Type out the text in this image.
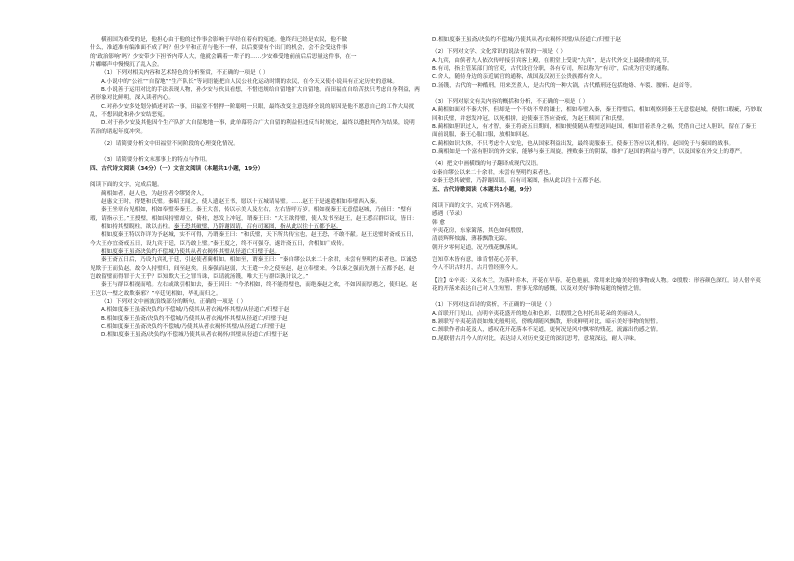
横祖国为难受的是，他担心由于他的过作事会影响于早经在着有的冤迹。他终归已经是农民，他不做

什么，准道准有编准面不成了吗？但少平和正青与他不一样，以后要要有个出门的机会，会不会受这件事

的‘政治影响’吗？少安带少下担爷内带人大，他就会瞒着一辈子的……少安难受地前前后后思量这件事，在一

片嘟嘟声中慢慢沉了乱入会。

（1）下列对相关内容和艺术特色的分析鉴赏，不正确的一项是（ ）

A.小说中的“公社”“自留地”“生产队长”等词语能把自人民公社化运动时期的农民，在今天又使小说具有正定历史的意味。

B.小说善于运用对比的手法表现人物，孙少安与伙员看想，不惜违规给自留地扩大自留地，而田福直自给苦扶只考虑自身利益，两者形象对比鲜明，深入读者内心。

C.对孙少安多处划分描述对话一事，田福堂不惜押一阶聪明一只眼，最终改变主意选择全说的原因是他不愿意自己的工作大局扰乱，不想因此和孙少安结恶冤。

D.对于孙少安及其他因个生产队扩大自留地地一事，此单幕符合广大自留的利益但违反当时规定，最终以遭批判作为结果，说明苦治的诸起年度冲突。

（2）请简要分析文中田福堂不同阶段的心理变化情况。

（3）请简要分析文末那事上的特点与作用。

四、古代诗文阅读（34分）（一）文言文阅读（本题共1小题，19分）

阅读下面的文字，完成后题。

蔺相如者，赵人也，为赵宦者令缪贤舍人。

赵惠文王时，得楚和氏璧。秦昭王闻之，使人遗赵王书，愿以十五城请易璧。……赵王于是遂遣相如奉璧西入秦。

秦王坐章台见相如，相如奉璧奏秦王。秦王大喜，传以示美人及左右，左右皆呼万岁。相如视秦王无意偿赵城，乃前曰：“璧有瑕，请指示王。”王授璧，相如因持璧却立，倚柱，怒发上冲冠，谓秦王曰：“大王欲得璧，使人发书至赵王，赵王悉召群臣议，皆曰：

相如持其璧睨柱，欲以击柱。秦王恐其破璧，乃辞谢固请，召有司案图，指从此以往十五都予赵。

相如度秦王特以诈详为予赵城，实不可得，乃谓秦王曰：“和氏璧，天下所共传宝也，赵王恐，不敢不献。赵王送璧时斋戒五日，今大王亦宜斋戒五日，设九宾于廷，臣乃敢上璧。”秦王度之，终不可强夺，遂许斋五日，舍相如广成传。

相如度秦王虽斋决负约不偿城乃使其从者衣褐怀其璧从径道亡归璧于赵。

秦王斋五日后，乃设九宾礼于廷，引赵使者蔺相如。相如至，谓秦王曰：“秦自缪公以来二十余君，未尝有坚明约束者也。臣诚恐见欺于王而负赵，故令人持璧归，间至赵矣。且秦强而赵弱，大王遣一介之使至赵，赵立奉璧来。今以秦之强而先割十五都予赵，赵岂敢留璧而得罪于大王乎？臣知欺大王之罪当诛，臣请就汤镬，唯大王与群臣孰计议之。”

秦王与群臣相视而嘻。左右或欲引相如去，秦王因曰：“今杀相如，终不能得璧也，而绝秦赵之欢，不如因而厚遇之，使归赵，赵王岂以一璧之故欺秦邪？”卒廷见相如，毕礼而归之。

（1）下列对文中画波浪线部分的断句，正确的一项是（ ）

A.相如度秦王虽斋决负约/不偿城/乃使其从者衣褐/怀其璧/从径道亡/归璧于赵

B.相如度秦王虽斋/决负约不偿城/乃使其从者衣褐/怀其璧从径道亡/归璧于赵

C.相如度秦王虽斋决负约不偿城/乃使其从者衣褐怀其璧/从径道亡/归璧于赵

D.相如度秦王虽斋/决负约/不偿城乃使其从者衣褐怀/其璧从径道亡/归璧于赵

D.相如度秦王虽斋/决负约不偿城/乃使其从者/衣褐怀其璧/从径道亡/归璧于赵

（2）下列对文学、文化常识的说法有误的一项是（ ）

A.九宾，由傧者九人依次传呼接引宾客上殿，在朝堂上受说“九宾”，是古代外交上最隆重的礼节。

B.有司，指主管某部门的官吏，古代设官分职，各有专司，所以称为“有司”，后成为官吏的通称。

C.舍人，随侍身边的亲近属官的通称，战国及汉初王公贵族都有舍人。

D.汤镬，古代的一种酷刑，用来烹煮人，是古代的一种大锅，古代酷刑还包括炮烙、车裂、腰斩、赵首等。

（3）下列对原文有关内容的概括和分析，不正确的一项是（ ）

A.蔺相如面对不秦大怀，但却是一个不妨不卑的谦士，相如奉璧入秦，秦王得璧后，相如观察到秦王无意偿赵城，便借口瑕疵，巧妙取回和氏璧，并怒发冲冠，以死相拼，迫使秦王答应斋戒，为赵王赎回了和氏璧。

B.蔺相如胆识过人，有才智，秦王将斋五日期间，相如便使随从将璧送回赵国，相如冒着杀身之祸，凭借自己过人胆识，留在了秦王面前说服，秦王心服口服，放相如回赵。

C.蔺相如识大体，不只考虑个人安危，也从国家利益出发，最终说服秦王，使秦王答应以礼相待，赵国免于与秦国的战事。

D.蔺相如是一个富有胆识的外交家，能够与秦王周旋，挫败秦王的阴谋，维护了赵国的利益与尊严，以及国家在外交上的尊严。

（4）把文中画横线的句子翻译成现代汉语。

①秦自缪公以来二十余君，未尝有坚明约束者也。

②秦王恐其破璧，乃辞谢固请，召有司案图，指从此以往十五都予赵。

五、古代诗歌阅读（本题共1小题，9分）

阅读下面的文字，完成下列各题。

感遇（节录）

韩 愈

辛夷花房，东家篱落，其色如何殷殷，

清晨辉辉烛露，薄暮飘散无踪。

朝开夕零何足道，况乃残花飘落风。

岂知草木皆有意，谁肯惜花心芳菲。

今人不识古时月，古月曾经照今人。

【注】①辛夷：又名木兰，为落叶乔木，开花在早春，花色艳丽，常用来比喻美好的事物或人物。②殷殷：形容颜色深红。诗人借辛夷花的开落来表达自己对人生短暂、世事无常的感慨，以及对美好事物易逝的惋惜之情。

（1）下列对这首诗的赏析，不正确的一项是（ ）

A.首联开门见山，点明辛夷花盛开的地点和色彩，以殷殷之色衬托出花朵的美丽动人。

B.颔联写辛夷花清晨如烛光般明亮，傍晚却随风飘散，形成鲜明对比，暗示美好事物的短暂。

C.颈联作者由花及人，感叹花开花落本不足道，更何况是风中飘零的残花，流露出伤感之情。

D.尾联借古月今人的对比，表达诗人对历史变迁的深沉思考，意境深远，耐人寻味。
